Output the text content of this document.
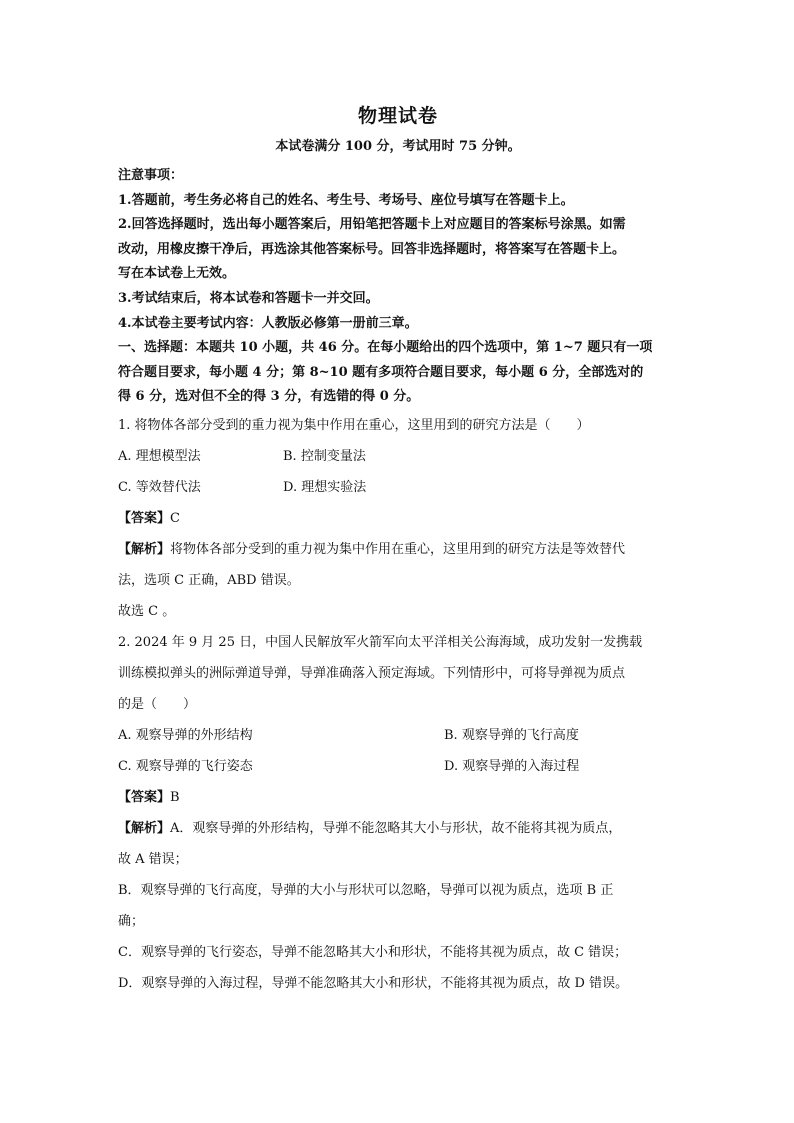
物理试卷

本试卷满分 100 分，考试用时 75 分钟。

注意事项：

1.答题前，考生务必将自己的姓名、考生号、考场号、座位号填写在答题卡上。

2.回答选择题时，选出每小题答案后，用铅笔把答题卡上对应题目的答案标号涂黑。如需

改动，用橡皮擦干净后，再选涂其他答案标号。回答非选择题时，将答案写在答题卡上。

写在本试卷上无效。

3.考试结束后，将本试卷和答题卡一并交回。

4.本试卷主要考试内容：人教版必修第一册前三章。

一、选择题：本题共 10 小题，共 46 分。在每小题给出的四个选项中，第 1~7 题只有一项

符合题目要求，每小题 4 分；第 8~10 题有多项符合题目要求，每小题 6 分，全部选对的

得 6 分，选对但不全的得 3 分，有选错的得 0 分。

1. 将物体各部分受到的重力视为集中作用在重心，这里用到的研究方法是（　　）

A. 理想模型法	B. 控制变量法
C. 等效替代法	D. 理想实验法

【答案】C

【解析】将物体各部分受到的重力视为集中作用在重心，这里用到的研究方法是等效替代

法，选项 C 正确，ABD 错误。

故选 C 。

2. 2024 年 9 月 25 日，中国人民解放军火箭军向太平洋相关公海海域，成功发射一发携载

训练模拟弹头的洲际弹道导弹，导弹准确落入预定海域。下列情形中，可将导弹视为质点

的是（　　）

A. 观察导弹的外形结构	B. 观察导弹的飞行高度
C. 观察导弹的飞行姿态	D. 观察导弹的入海过程

【答案】B

【解析】A．观察导弹的外形结构，导弹不能忽略其大小与形状，故不能将其视为质点，

故 A 错误；

B．观察导弹的飞行高度，导弹的大小与形状可以忽略，导弹可以视为质点，选项 B 正

确；

C．观察导弹的飞行姿态，导弹不能忽略其大小和形状，不能将其视为质点，故 C 错误；

D．观察导弹的入海过程，导弹不能忽略其大小和形状，不能将其视为质点，故 D 错误。
